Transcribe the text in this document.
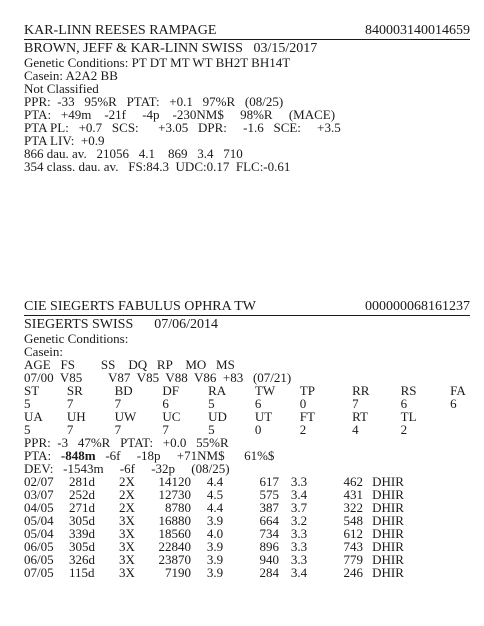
KAR-LINN REESES RAMPAGE	840003140014659
BROWN, JEFF & KAR-LINN SWISS   03/15/2017
Genetic Conditions: PT DT MT WT BH2T BH14T
Casein: A2A2 BB
Not Classified
PPR:  -33   95%R   PTAT:   +0.1   97%R   (08/25)
PTA:   +49m    -21f     -4p    -230NM$     98%R     (MACE)
PTA PL:   +0.7   SCS:      +3.05   DPR:     -1.6   SCE:     +3.5
PTA LIV:  +0.9
866 dau. av.   21056   4.1    869   3.4   710
354 class. dau. av.   FS:84.3  UDC:0.17  FLC:-0.61
CIE SIEGERTS FABULUS OPHRA TW	000000068161237
SIEGERTS SWISS      07/06/2014
Genetic Conditions:
Casein:
AGE   FS        SS    DQ   RP    MO   MS
07/00  V85        V87  V85  V88  V86  +83   (07/21)
ST	SR	BD	DF	RA	TW	TP	RR	RS	FA
5	7	7	6	5	6	0	7	6	6
UA	UH	UW	UC	UD	UT	FT	RT	TL	
5	7	7	7	5	0	2	4	2	
PPR:  -3   47%R   PTAT:   +0.0   55%R
PTA: -848m   -6f     -18p     +71NM$      61%$
DEV:   -1543m     -6f     -32p     (08/25)
02/07	281d	2X	14120	4.4	617	3.3	462	DHIR
03/07	252d	2X	12730	4.5	575	3.4	431	DHIR
04/05	271d	2X	8780	4.4	387	3.7	322	DHIR
05/04	305d	3X	16880	3.9	664	3.2	548	DHIR
05/04	339d	3X	18560	4.0	734	3.3	612	DHIR
06/05	305d	3X	22840	3.9	896	3.3	743	DHIR
06/05	326d	3X	23870	3.9	940	3.3	779	DHIR
07/05	115d	3X	7190	3.9	284	3.4	246	DHIR
